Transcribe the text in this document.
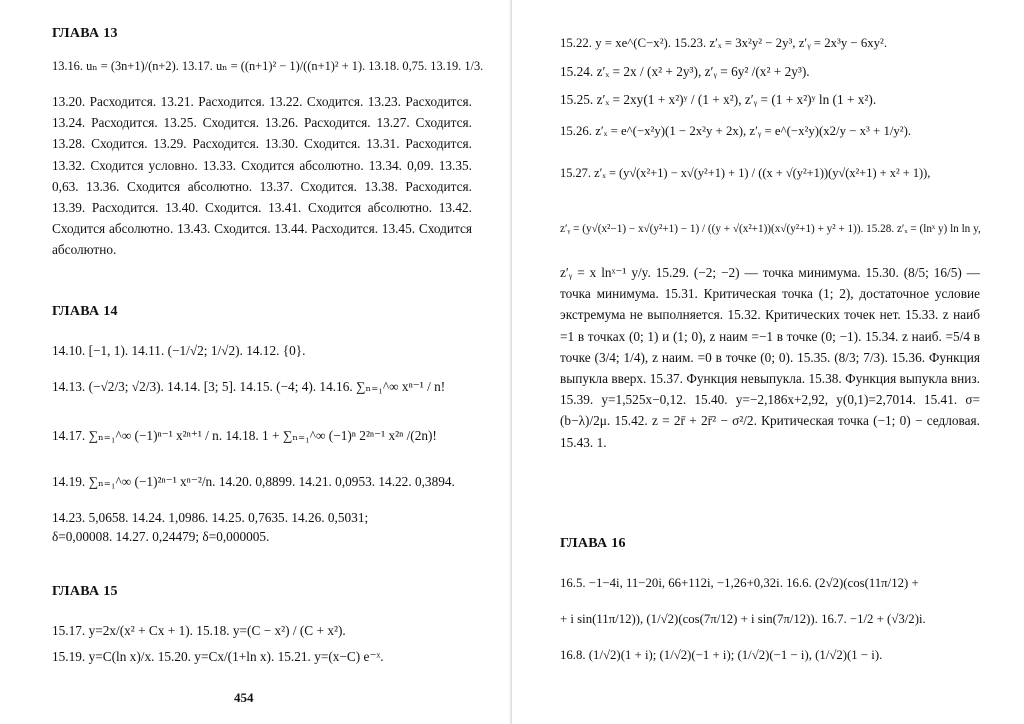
ГЛАВА 13
13.16. uₙ = (3n+1)/(n+2). 13.17. uₙ = ((n+1)² − 1)/((n+1)² + 1). 13.18. 0,75. 13.19. 1/3.
13.20. Расходится. 13.21. Расходится. 13.22. Сходится. 13.23. Расходится. 13.24. Расходится. 13.25. Сходится. 13.26. Расходится. 13.27. Сходится. 13.28. Сходится. 13.29. Расходится. 13.30. Сходится. 13.31. Расходится. 13.32. Сходится условно. 13.33. Сходится абсолютно. 13.34. 0,09. 13.35. 0,63. 13.36. Сходится абсолютно. 13.37. Сходится. 13.38. Расходится. 13.39. Расходится. 13.40. Сходится. 13.41. Сходится абсолютно. 13.42. Сходится абсолютно. 13.43. Сходится. 13.44. Расходится. 13.45. Сходится абсолютно.
ГЛАВА 14
14.10. [−1, 1). 14.11. (−1/√2; 1/√2). 14.12. {0}.
14.13. (−√2/3; √2/3). 14.14. [3; 5]. 14.15. (−4; 4). 14.16. ∑ₙ₌₁^∞ xⁿ⁻¹ / n!
14.17. ∑ₙ₌₁^∞ (−1)ⁿ⁻¹ x²ⁿ⁺¹ / n. 14.18. 1 + ∑ₙ₌₁^∞ (−1)ⁿ 2²ⁿ⁻¹ x²ⁿ /(2n)!
14.19. ∑ₙ₌₁^∞ (−1)²ⁿ⁻¹ xⁿ⁻²/n. 14.20. 0,8899. 14.21. 0,0953. 14.22. 0,3894.
14.23. 5,0658. 14.24. 1,0986. 14.25. 0,7635. 14.26. 0,5031;
δ=0,00008. 14.27. 0,24479; δ=0,000005.
ГЛАВА 15
15.17. y=2x/(x² + Cx + 1). 15.18. y=(C − x²) / (C + x²).
15.19. y=C(ln x)/x. 15.20. y=Cx/(1+ln x). 15.21. y=(x−C) e⁻ˣ.
454
15.22. y = xe^(C−x²). 15.23. z′ₓ = 3x²y² − 2y³, z′ᵧ = 2x³y − 6xy².
15.24. z′ₓ = 2x / (x² + 2y³), z′ᵧ = 6y² /(x² + 2y³).
15.25. z′ₓ = 2xy(1 + x²)ʸ / (1 + x²), z′ᵧ = (1 + x²)ʸ ln (1 + x²).
15.26. z′ₓ = e^(−x²y)(1 − 2x²y + 2x), z′ᵧ = e^(−x²y)(x2/y − x³ + 1/y²).
15.27. z′ₓ = (y√(x²+1) − x√(y²+1) + 1) / ((x + √(y²+1))(y√(x²+1) + x² + 1)),
z′ᵧ = (y√(x²−1) − x√(y²+1) − 1) / ((y + √(x²+1))(x√(y²+1) + y² + 1)). 15.28. z′ₓ = (lnˣ y) ln ln y,
z′ᵧ = x lnˣ⁻¹ y/y. 15.29. (−2; −2) — точка минимума. 15.30. (8/5; 16/5) — точка минимума. 15.31. Критическая точка (1; 2), достаточное условие экстремума не выполняется. 15.32. Критических точек нет. 15.33. z наиб =1 в точках (0; 1) и (1; 0), z наим =−1 в точке (0; −1). 15.34. z наиб. =5/4 в точке (3/4; 1/4), z наим. =0 в точке (0; 0). 15.35. (8/3; 7/3). 15.36. Функция выпукла вверх. 15.37. Функция невыпукла. 15.38. Функция выпукла вниз. 15.39. y=1,525x−0,12. 15.40. y=−2,186x+2,92, y(0,1)=2,7014. 15.41. σ=(b−λ)/2μ. 15.42. z = 2r̄ + 2r̄² − σ²/2. Критическая точка (−1; 0) − седловая. 15.43. 1.
ГЛАВА 16
16.5. −1−4i, 11−20i, 66+112i, −1,26+0,32i. 16.6. (2√2)(cos(11π/12) +
+ i sin(11π/12)), (1/√2)(cos(7π/12) + i sin(7π/12)). 16.7. −1/2 + (√3/2)i.
16.8. (1/√2)(1 + i); (1/√2)(−1 + i); (1/√2)(−1 − i), (1/√2)(1 − i).
